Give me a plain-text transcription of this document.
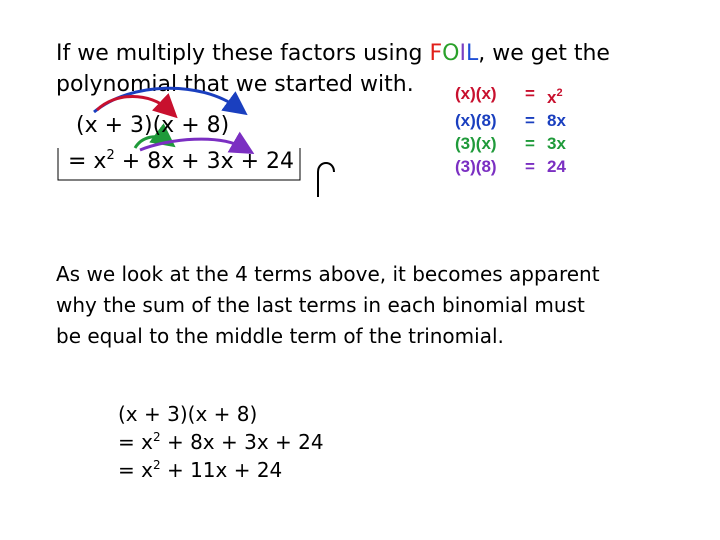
If we multiply these factors using FOIL, we get the
polynomial that we started with.
(x + 3)(x + 8)
= $x^2 + 8x + 3x + 24$
(x)(x)	= $x^2$
(x)(8)	= 8x
(3)(x)	= 3x
(3)(8)	= 24
As we look at the 4 terms above, it becomes apparent
why the sum of the last terms in each binomial must
be equal to the middle term of the trinomial.
(x + 3)(x + 8)
= $x^2 + 8x + 3x + 24$
= $x^2 + 11x + 24$
